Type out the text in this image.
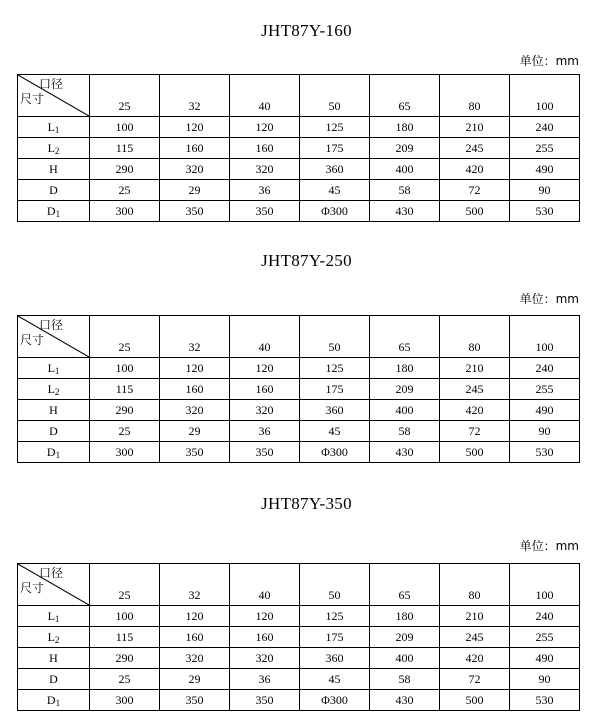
JHT87Y-160
单位：mm
口径
尺寸	25	32	40	50	65	80	100
$L_1$	100	120	120	125	180	210	240
$L_2$	115	160	160	175	209	245	255
H	290	320	320	360	400	420	490
D	25	29	36	45	58	72	90
$D_1$	300	350	350	Φ300	430	500	530
JHT87Y-250
单位：mm
口径
尺寸	25	32	40	50	65	80	100
$L_1$	100	120	120	125	180	210	240
$L_2$	115	160	160	175	209	245	255
H	290	320	320	360	400	420	490
D	25	29	36	45	58	72	90
$D_1$	300	350	350	Φ300	430	500	530
JHT87Y-350
单位：mm
口径
尺寸	25	32	40	50	65	80	100
$L_1$	100	120	120	125	180	210	240
$L_2$	115	160	160	175	209	245	255
H	290	320	320	360	400	420	490
D	25	29	36	45	58	72	90
$D_1$	300	350	350	Φ300	430	500	530
